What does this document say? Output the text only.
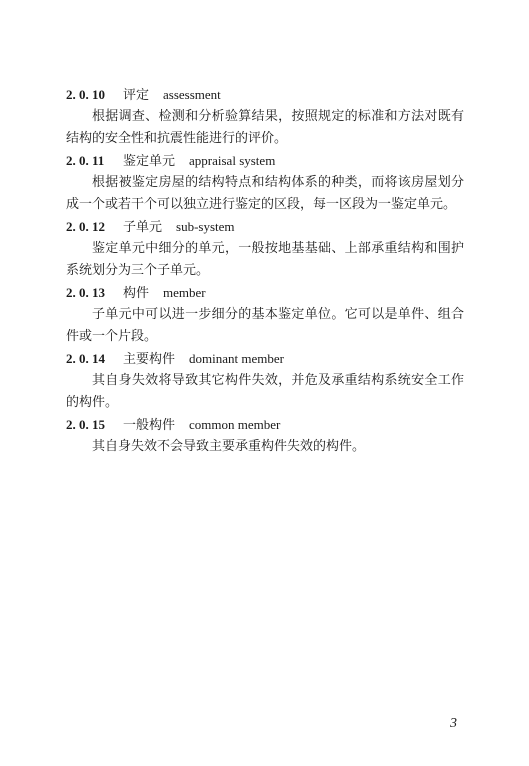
2. 0. 10 评定 assessment

根据调查、检测和分析验算结果，按照规定的标准和方法对既有结构的安全性和抗震性能进行的评价。

2. 0. 11 鉴定单元 appraisal system

根据被鉴定房屋的结构特点和结构体系的种类，而将该房屋划分成一个或若干个可以独立进行鉴定的区段，每一区段为一鉴定单元。

2. 0. 12 子单元 sub-system

鉴定单元中细分的单元，一般按地基基础、上部承重结构和围护系统划分为三个子单元。

2. 0. 13 构件 member

子单元中可以进一步细分的基本鉴定单位。它可以是单件、组合件或一个片段。

2. 0. 14 主要构件 dominant member

其自身失效将导致其它构件失效，并危及承重结构系统安全工作的构件。

2. 0. 15 一般构件 common member

其自身失效不会导致主要承重构件失效的构件。

3
